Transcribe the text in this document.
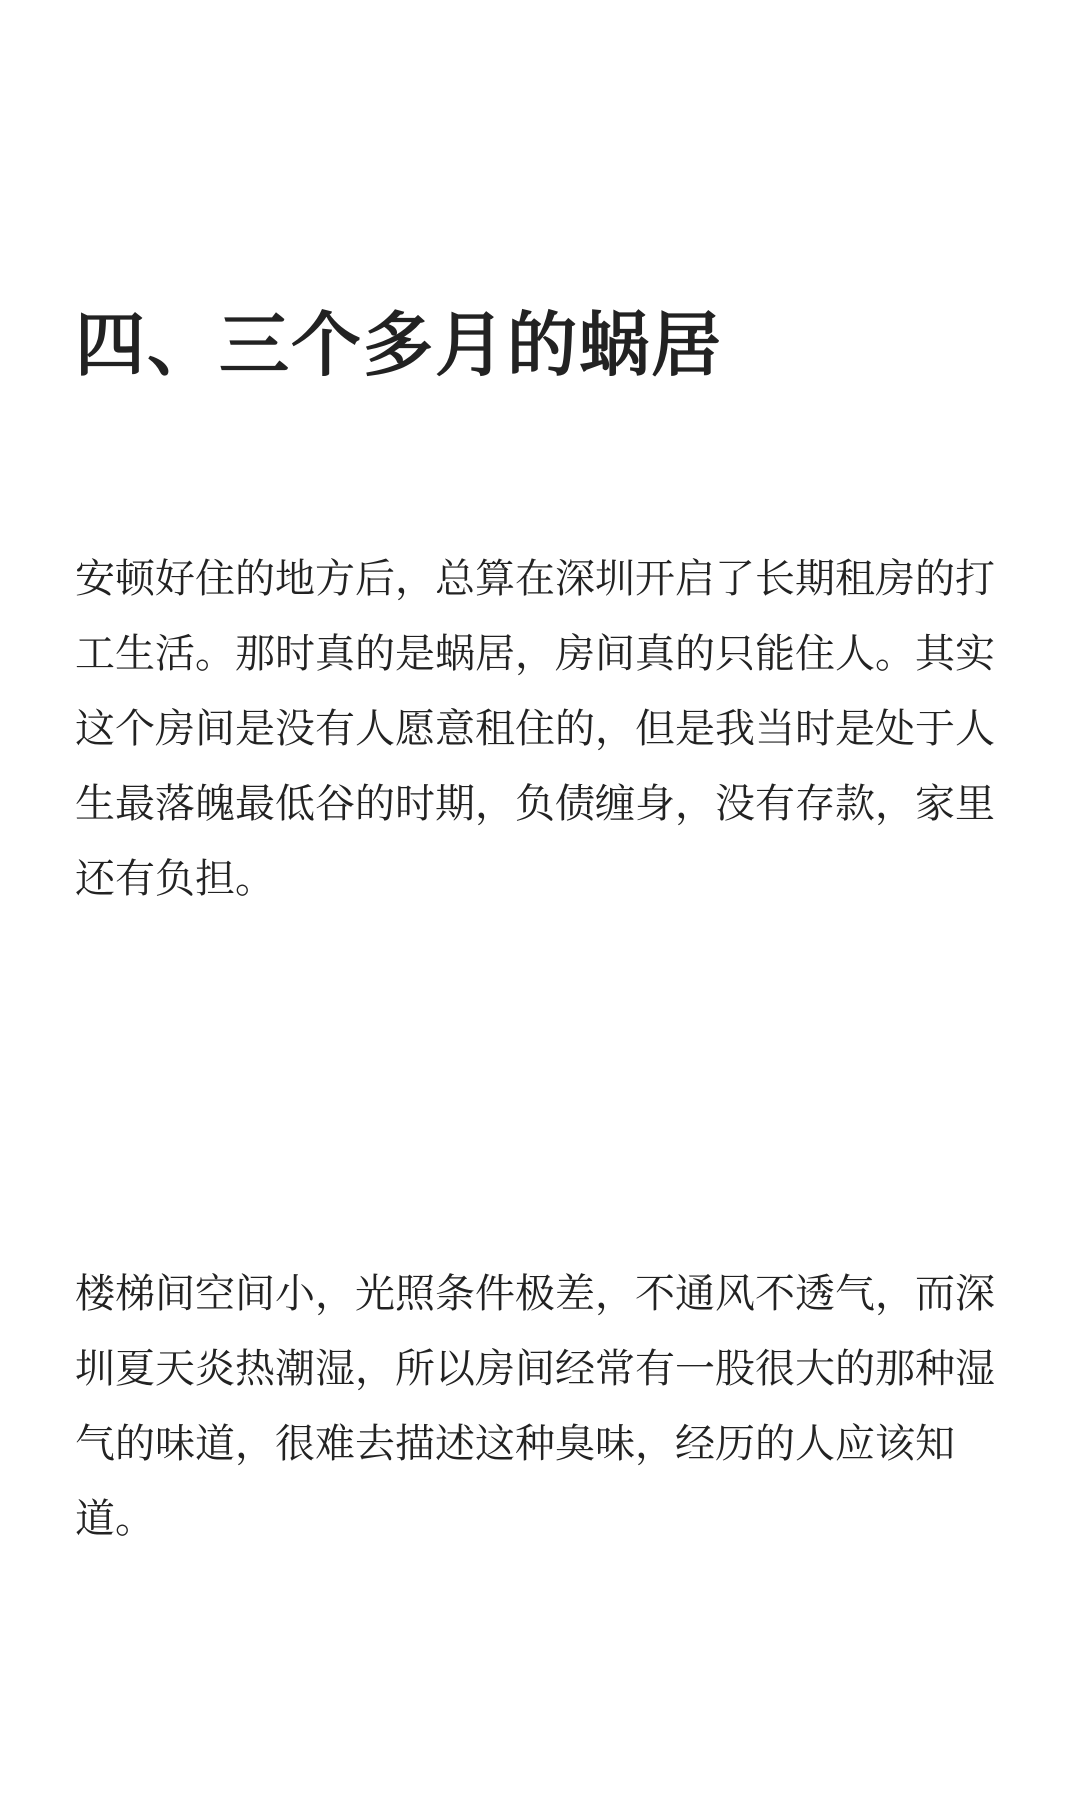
四、三个多月的蜗居

安顿好住的地方后，总算在深圳开启了长期租房的打工生活。那时真的是蜗居，房间真的只能住人。其实这个房间是没有人愿意租住的，但是我当时是处于人生最落魄最低谷的时期，负债缠身，没有存款，家里还有负担。

楼梯间空间小，光照条件极差，不通风不透气，而深圳夏天炎热潮湿，所以房间经常有一股很大的那种湿气的味道，很难去描述这种臭味，经历的人应该知道。
